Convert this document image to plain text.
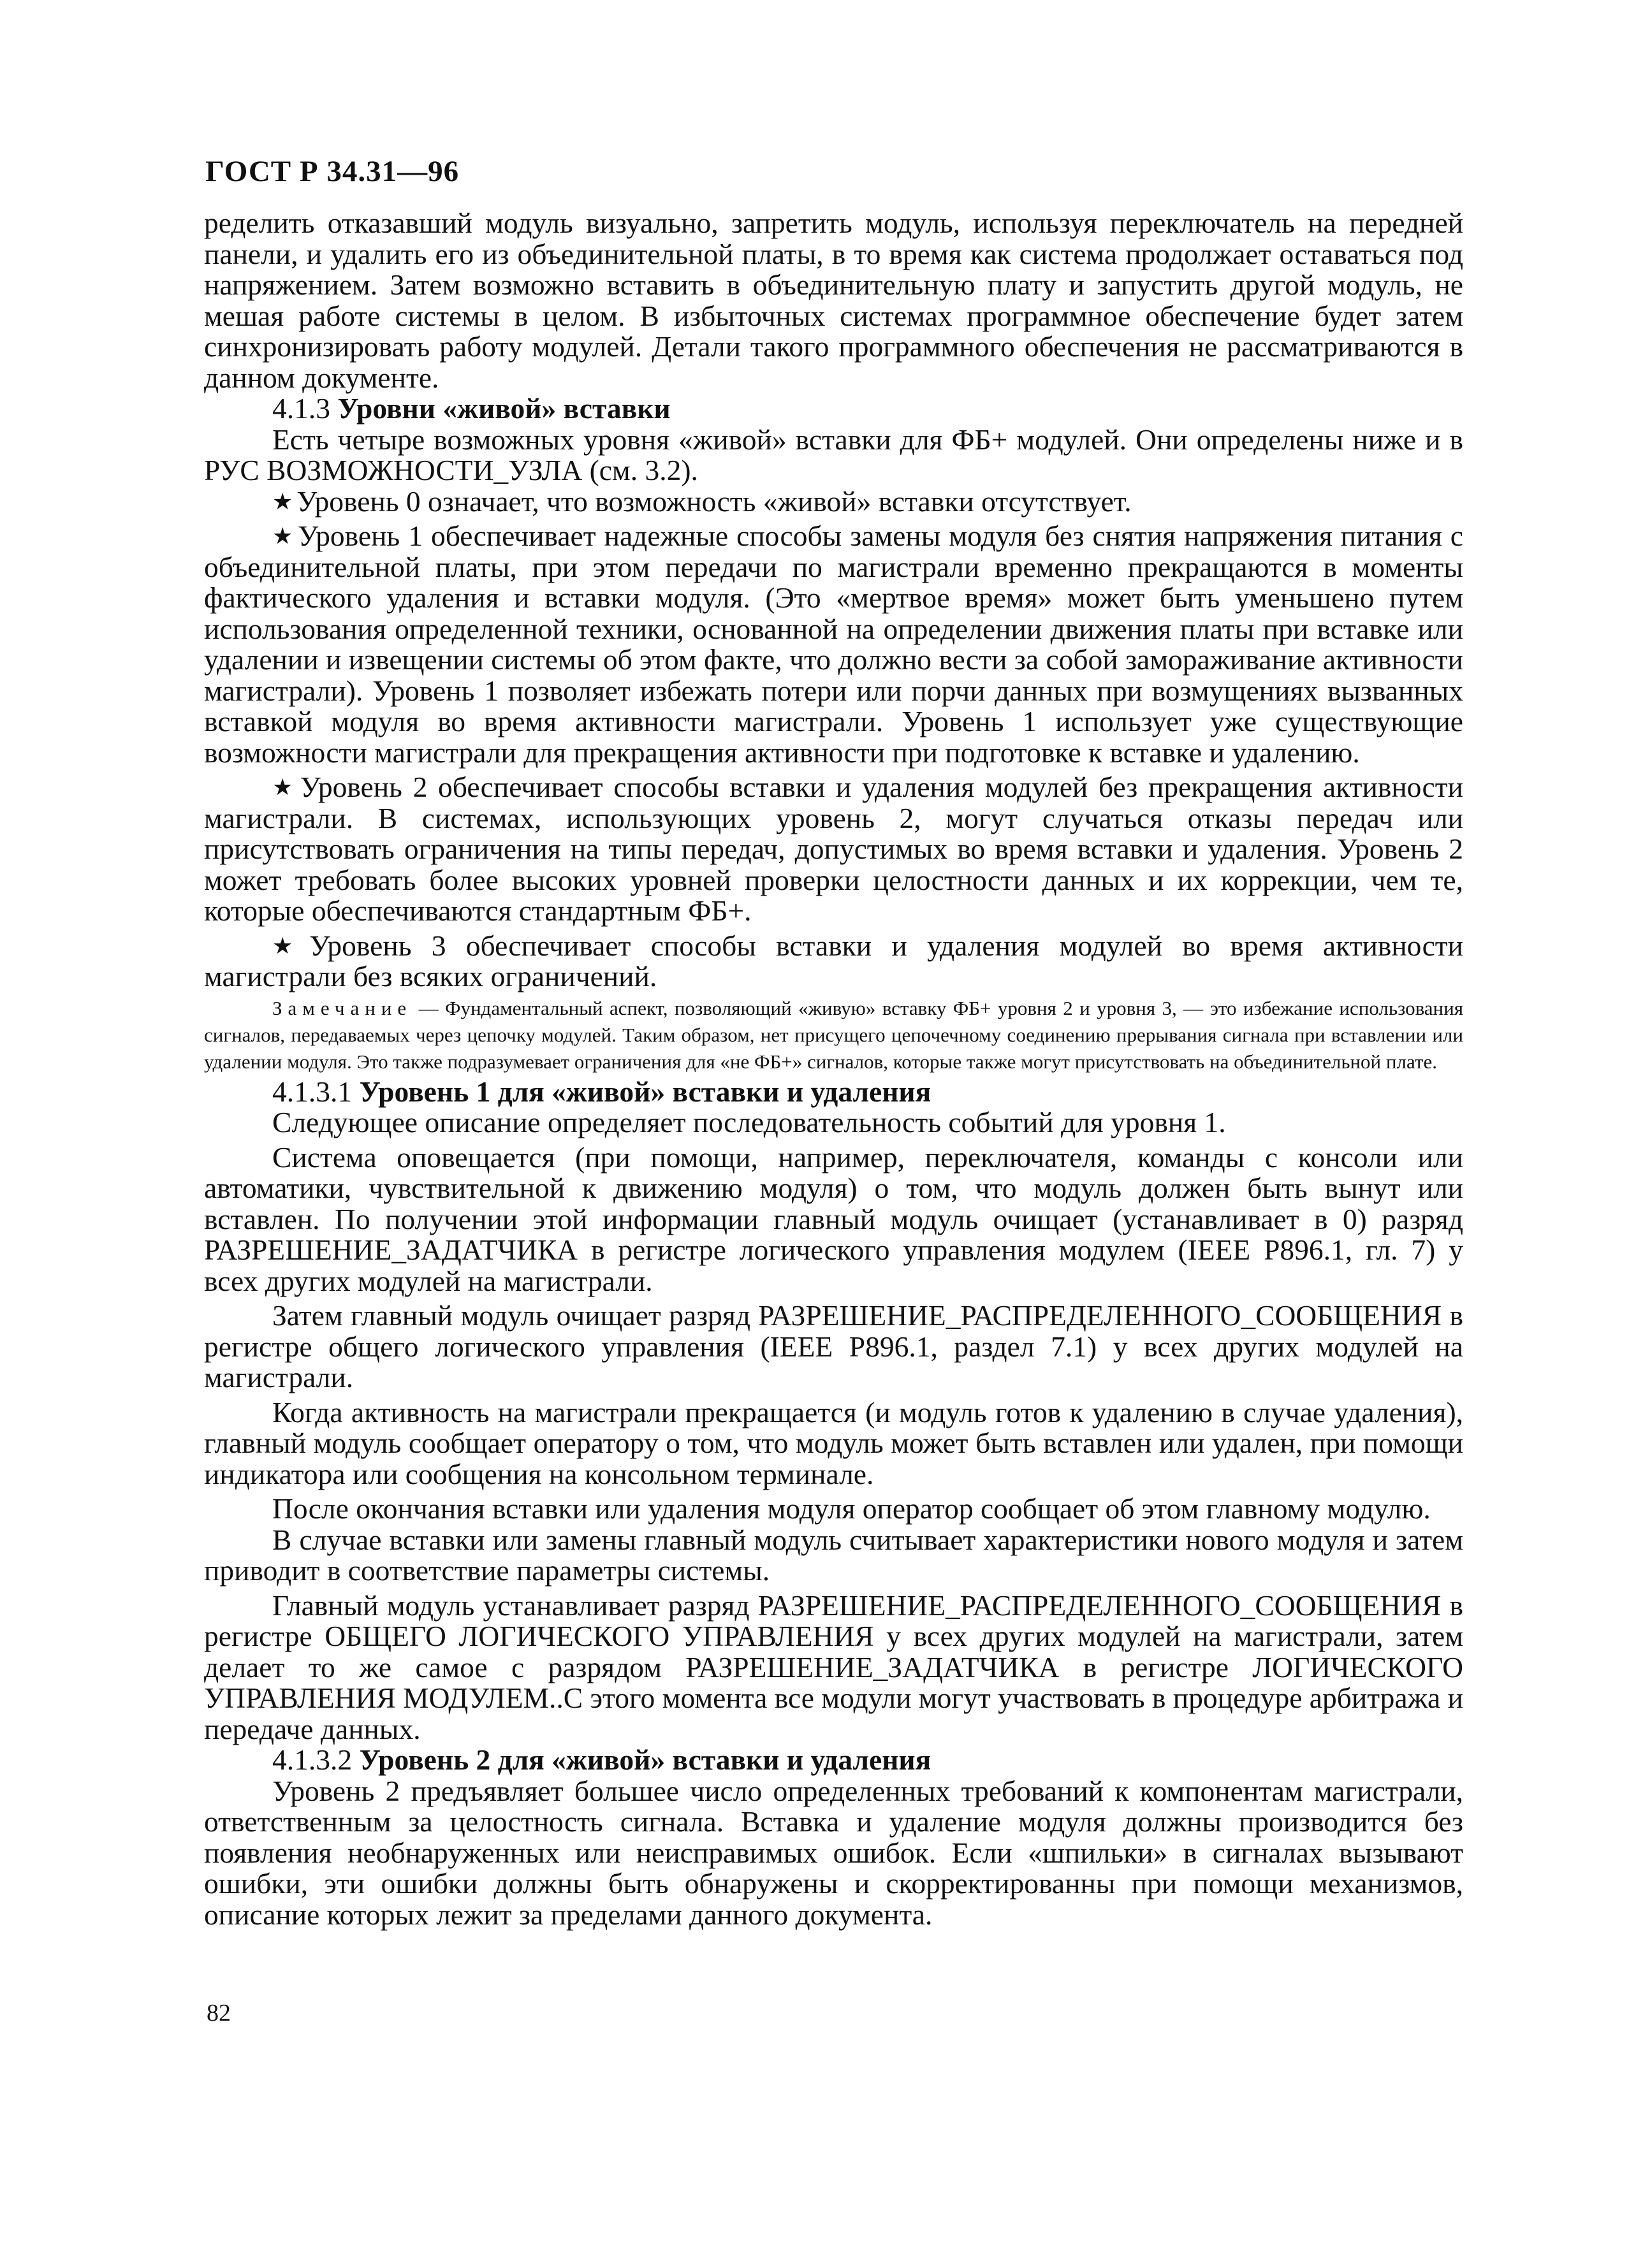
ГОСТ Р 34.31—96

ределить отказавший модуль визуально, запретить модуль, используя переключатель на передней панели, и удалить его из объединительной платы, в то время как система продолжает оставаться под напряжением. Затем возможно вставить в объединительную плату и запустить другой модуль, не мешая работе системы в целом. В избыточных системах программное обеспечение будет затем синхронизировать работу модулей. Детали такого программного обеспечения не рассматриваются в данном документе.

4.1.3 Уровни «живой» вставки

Есть четыре возможных уровня «живой» вставки для ФБ+ модулей. Они определены ниже и в РУС ВОЗМОЖНОСТИ_УЗЛА (см. 3.2).

★ Уровень 0 означает, что возможность «живой» вставки отсутствует.

★ Уровень 1 обеспечивает надежные способы замены модуля без снятия напряжения питания с объединительной платы, при этом передачи по магистрали временно прекращаются в моменты фактического удаления и вставки модуля. (Это «мертвое время» может быть уменьшено путем использования определенной техники, основанной на определении движения платы при вставке или удалении и извещении системы об этом факте, что должно вести за собой замораживание активности магистрали). Уровень 1 позволяет избежать потери или порчи данных при возмущениях вызванных вставкой модуля во время активности магистрали. Уровень 1 использует уже существующие возможности магистрали для прекращения активности при подготовке к вставке и удалению.

★ Уровень 2 обеспечивает способы вставки и удаления модулей без прекращения активности магистрали. В системах, использующих уровень 2, могут случаться отказы передач или присутствовать ограничения на типы передач, допустимых во время вставки и удаления. Уровень 2 может требовать более высоких уровней проверки целостности данных и их коррекции, чем те, которые обеспечиваются стандартным ФБ+.

★ Уровень 3 обеспечивает способы вставки и удаления модулей во время активности магистрали без всяких ограничений.

Замечание — Фундаментальный аспект, позволяющий «живую» вставку ФБ+ уровня 2 и уровня 3, — это избежание использования сигналов, передаваемых через цепочку модулей. Таким образом, нет присущего цепочечному соединению прерывания сигнала при вставлении или удалении модуля. Это также подразумевает ограничения для «не ФБ+» сигналов, которые также могут присутствовать на объединительной плате.

4.1.3.1 Уровень 1 для «живой» вставки и удаления

Следующее описание определяет последовательность событий для уровня 1.

Система оповещается (при помощи, например, переключателя, команды с консоли или автоматики, чувствительной к движению модуля) о том, что модуль должен быть вынут или вставлен. По получении этой информации главный модуль очищает (устанавливает в 0) разряд РАЗРЕШЕНИЕ_ЗАДАТЧИКА в регистре логического управления модулем (IEEE P896.1, гл. 7) у всех других модулей на магистрали.

Затем главный модуль очищает разряд РАЗРЕШЕНИЕ_РАСПРЕДЕЛЕННОГО_СООБЩЕНИЯ в регистре общего логического управления (IEEE P896.1, раздел 7.1) у всех других модулей на магистрали.

Когда активность на магистрали прекращается (и модуль готов к удалению в случае удаления), главный модуль сообщает оператору о том, что модуль может быть вставлен или удален, при помощи индикатора или сообщения на консольном терминале.

После окончания вставки или удаления модуля оператор сообщает об этом главному модулю.

В случае вставки или замены главный модуль считывает характеристики нового модуля и затем приводит в соответствие параметры системы.

Главный модуль устанавливает разряд РАЗРЕШЕНИЕ_РАСПРЕДЕЛЕННОГО_СООБЩЕНИЯ в регистре ОБЩЕГО ЛОГИЧЕСКОГО УПРАВЛЕНИЯ у всех других модулей на магистрали, затем делает то же самое с разрядом РАЗРЕШЕНИЕ_ЗАДАТЧИКА в регистре ЛОГИЧЕСКОГО УПРАВЛЕНИЯ МОДУЛЕМ..С этого момента все модули могут участвовать в процедуре арбитража и передаче данных.

4.1.3.2 Уровень 2 для «живой» вставки и удаления

Уровень 2 предъявляет большее число определенных требований к компонентам магистрали, ответственным за целостность сигнала. Вставка и удаление модуля должны производится без появления необнаруженных или неисправимых ошибок. Если «шпильки» в сигналах вызывают ошибки, эти ошибки должны быть обнаружены и скорректированны при помощи механизмов, описание которых лежит за пределами данного документа.

82
